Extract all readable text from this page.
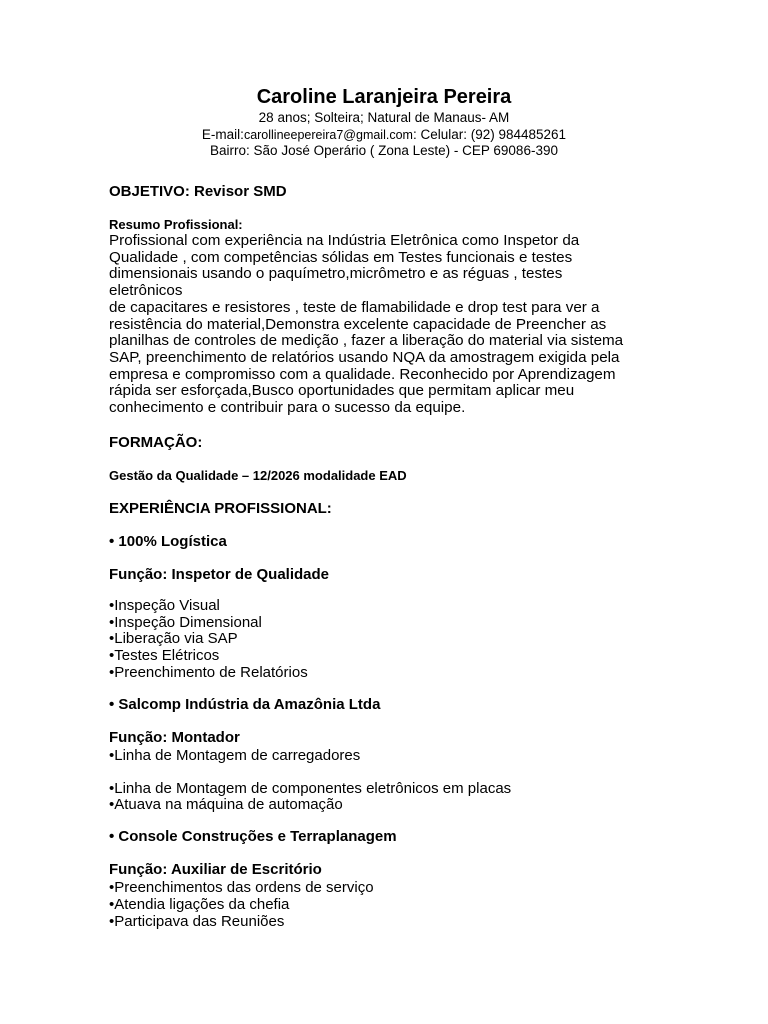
Caroline Laranjeira Pereira

28 anos; Solteira; Natural de Manaus- AM

E-mail:carollineepereira7@gmail.com: Celular: (92) 984485261

Bairro: São José Operário ( Zona Leste) - CEP 69086-390

OBJETIVO: Revisor SMD

Resumo Profissional:

Profissional com experiência na Indústria Eletrônica como Inspetor da

Qualidade , com competências sólidas em Testes funcionais e testes

dimensionais usando o paquímetro,micrômetro e as réguas , testes eletrônicos

de capacitares e resistores , teste de flamabilidade e drop test para ver a

resistência do material,Demonstra excelente capacidade de Preencher as

planilhas de controles de medição , fazer a liberação do material via sistema

SAP, preenchimento de relatórios usando NQA da amostragem exigida pela

empresa e compromisso com a qualidade. Reconhecido por Aprendizagem

rápida ser esforçada,Busco oportunidades que permitam aplicar meu

conhecimento e contribuir para o sucesso da equipe.

FORMAÇÃO:

Gestão da Qualidade – 12/2026 modalidade EAD

EXPERIÊNCIA PROFISSIONAL:

• 100% Logística

Função: Inspetor de Qualidade

•Inspeção Visual

•Inspeção Dimensional

•Liberação via SAP

•Testes Elétricos

•Preenchimento de Relatórios

• Salcomp Indústria da Amazônia Ltda

Função: Montador

•Linha de Montagem de carregadores

•Linha de Montagem de componentes eletrônicos em placas

•Atuava na máquina de automação

• Console Construções e Terraplanagem

Função: Auxiliar de Escritório

•Preenchimentos das ordens de serviço

•Atendia ligações da chefia

•Participava das Reuniões
